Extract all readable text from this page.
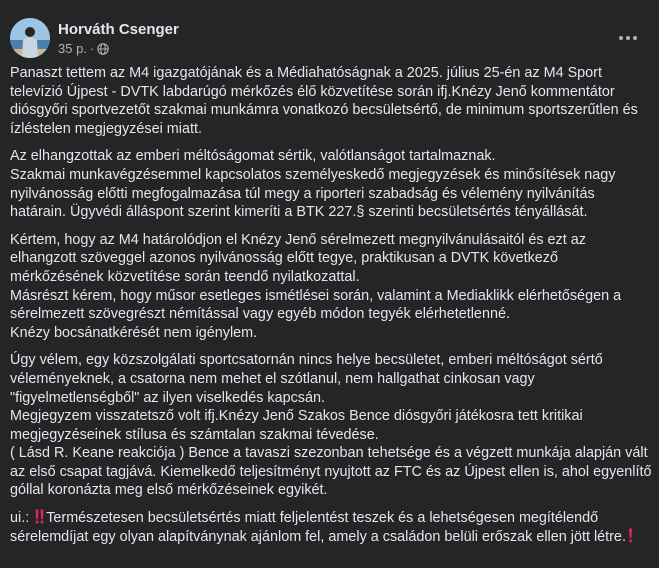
Horváth Csenger
35 p. ·
Panaszt tettem az M4 igazgatójának és a Médiahatóságnak a 2025. július 25-én az M4 Sport
televízió Újpest - DVTK labdarúgó mérkőzés élő közvetítése során ifj.Knézy Jenő kommentátor
diósgyőri sportvezetőt szakmai munkámra vonatkozó becsületsértő, de minimum sportszerűtlen és
ízléstelen megjegyzései miatt.
Az elhangzottak az emberi méltóságomat sértik, valótlanságot tartalmaznak.
Szakmai munkavégzésemmel kapcsolatos személyeskedő megjegyzések és minősítések nagy
nyilvánosság előtti megfogalmazása túl megy a riporteri szabadság és vélemény nyilvánítás
határain. Ügyvédi álláspont szerint kimeríti a BTK 227.§ szerinti becsületsértés tényállását.
Kértem, hogy az M4 határolódjon el Knézy Jenő sérelmezett megnyilvánulásaitól és ezt az
elhangzott szöveggel azonos nyilvánosság előtt tegye, praktikusan a DVTK következő
mérkőzésének közvetítése során teendő nyilatkozattal.
Másrészt kérem, hogy műsor esetleges ismétlései során, valamint a Mediaklikk elérhetőségen a
sérelmezett szövegrészt némítással vagy egyéb módon tegyék elérhetetlenné.
Knézy bocsánatkérését nem igénylem.
Úgy vélem, egy közszolgálati sportcsatornán nincs helye becsületet, emberi méltóságot sértő
véleményeknek, a csatorna nem mehet el szótlanul, nem hallgathat cinkosan vagy
"figyelmetlenségből" az ilyen viselkedés kapcsán.
Megjegyzem visszatetsző volt ifj.Knézy Jenő Szakos Bence diósgyőri játékosra tett kritikai
megjegyzéseinek stílusa és számtalan szakmai tévedése.
( Lásd R. Keane reakciója ) Bence a tavaszi szezonban tehetsége és a végzett munkája alapján vált
az első csapat tagjává. Kiemelkedő teljesítményt nyujtott az FTC és az Újpest ellen is, ahol egyenlítő
góllal koronázta meg első mérkőzéseinek egyikét.
ui.: Természetesen becsületsértés miatt feljelentést teszek és a lehetségesen megítélendő
sérelemdíjat egy olyan alapítványnak ajánlom fel, amely a családon belüli erőszak ellen jött létre.
